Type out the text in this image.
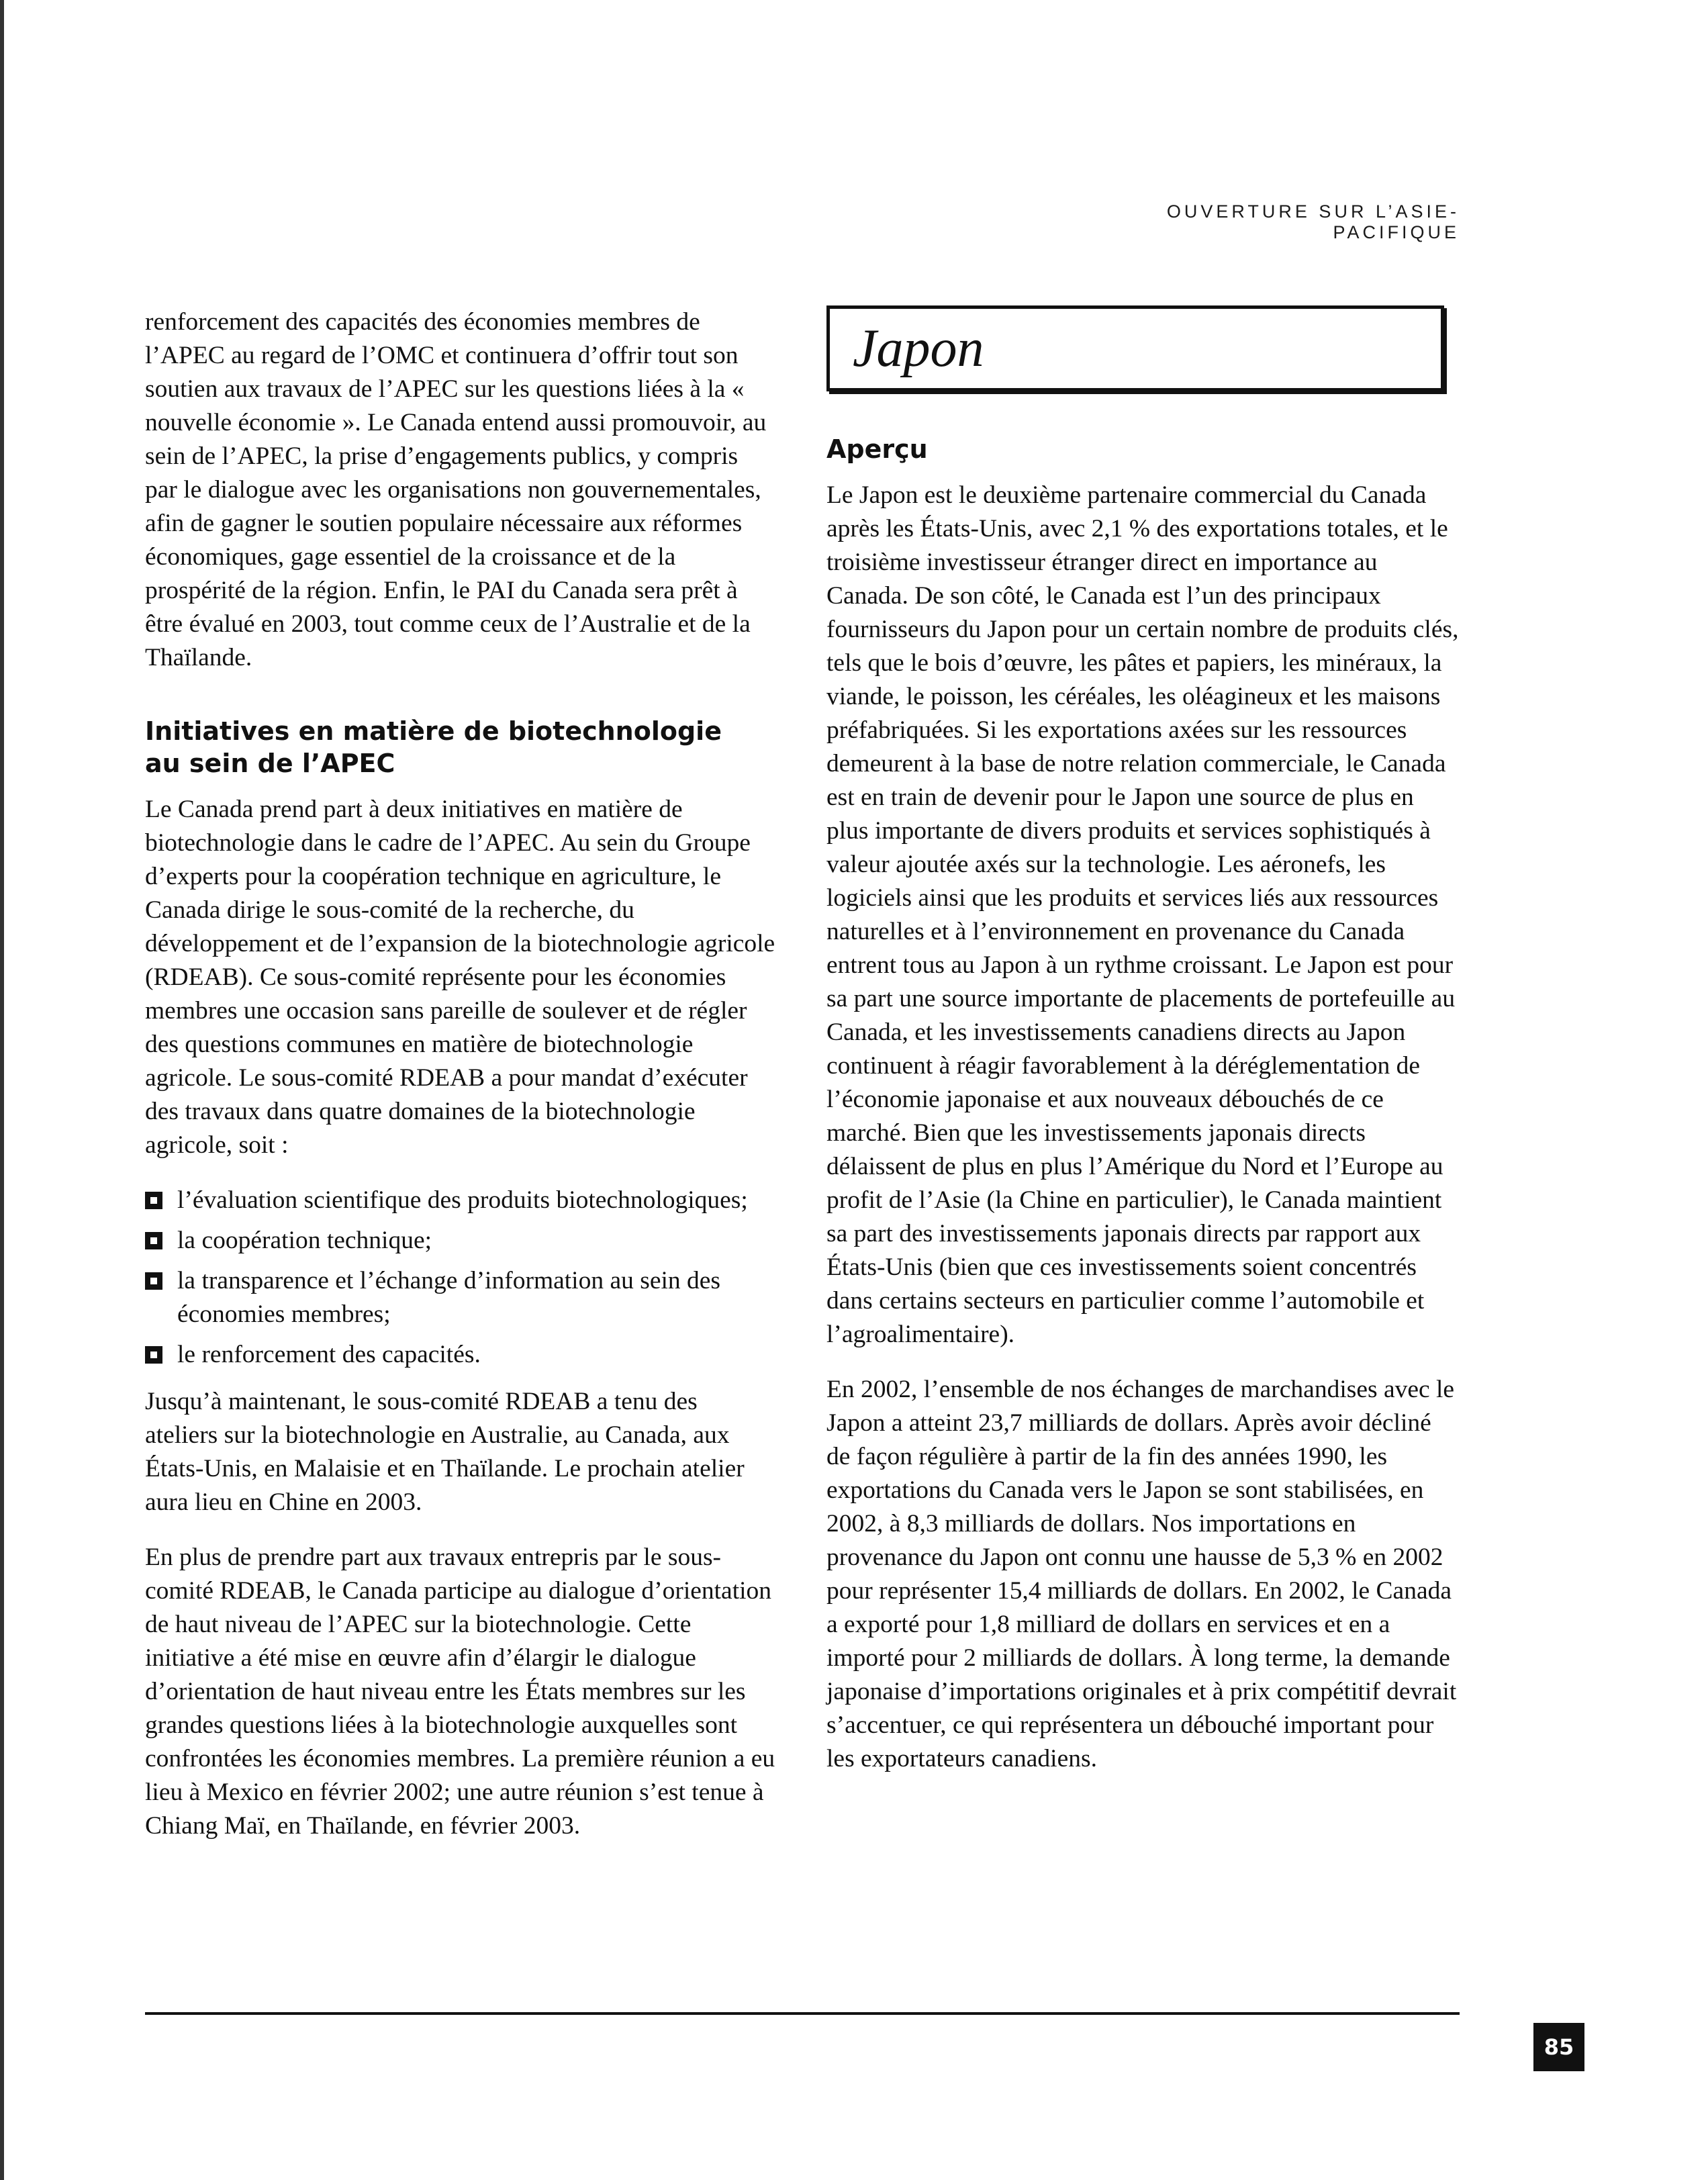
OUVERTURE SUR L’ASIE-PACIFIQUE

renforcement des capacités des économies membres de l’APEC au regard de l’OMC et continuera d’offrir tout son soutien aux travaux de l’APEC sur les questions liées à la « nouvelle économie ». Le Canada entend aussi promouvoir, au sein de l’APEC, la prise d’engagements publics, y compris par le dialogue avec les organisations non gouvernementales, afin de gagner le soutien populaire nécessaire aux réformes économiques, gage essentiel de la croissance et de la prospérité de la région. Enfin, le PAI du Canada sera prêt à être évalué en 2003, tout comme ceux de l’Australie et de la Thaïlande.

Initiatives en matière de biotechnologie
au sein de l’APEC

Le Canada prend part à deux initiatives en matière de biotechnologie dans le cadre de l’APEC. Au sein du Groupe d’experts pour la coopération technique en agriculture, le Canada dirige le sous-comité de la recherche, du développement et de l’expansion de la biotechnologie agricole (RDEAB). Ce sous-comité représente pour les économies membres une occasion sans pareille de soulever et de régler des questions communes en matière de biotechnologie agricole. Le sous-comité RDEAB a pour mandat d’exécuter des travaux dans quatre domaines de la biotechnologie agricole, soit :

l’évaluation scientifique des produits biotechnologiques;
la coopération technique;
la transparence et l’échange d’information au sein des économies membres;
le renforcement des capacités.

Jusqu’à maintenant, le sous-comité RDEAB a tenu des ateliers sur la biotechnologie en Australie, au Canada, aux États-Unis, en Malaisie et en Thaïlande. Le prochain atelier aura lieu en Chine en 2003.

En plus de prendre part aux travaux entrepris par le sous-comité RDEAB, le Canada participe au dialogue d’orientation de haut niveau de l’APEC sur la biotechnologie. Cette initiative a été mise en œuvre afin d’élargir le dialogue d’orientation de haut niveau entre les États membres sur les grandes questions liées à la biotechnologie auxquelles sont confrontées les économies membres. La première réunion a eu lieu à Mexico en février 2002; une autre réunion s’est tenue à Chiang Maï, en Thaïlande, en février 2003.

Japon
Aperçu

Le Japon est le deuxième partenaire commercial du Canada après les États-Unis, avec 2,1 % des exportations totales, et le troisième investisseur étranger direct en importance au Canada. De son côté, le Canada est l’un des principaux fournisseurs du Japon pour un certain nombre de produits clés, tels que le bois d’œuvre, les pâtes et papiers, les minéraux, la viande, le poisson, les céréales, les oléagineux et les maisons préfabriquées. Si les exportations axées sur les ressources demeurent à la base de notre relation commerciale, le Canada est en train de devenir pour le Japon une source de plus en plus importante de divers produits et services sophistiqués à valeur ajoutée axés sur la technologie. Les aéronefs, les logiciels ainsi que les produits et services liés aux ressources naturelles et à l’environnement en provenance du Canada entrent tous au Japon à un rythme croissant. Le Japon est pour sa part une source importante de placements de portefeuille au Canada, et les investissements canadiens directs au Japon continuent à réagir favorablement à la déréglementation de l’économie japonaise et aux nouveaux débouchés de ce marché. Bien que les investissements japonais directs délaissent de plus en plus l’Amérique du Nord et l’Europe au profit de l’Asie (la Chine en particulier), le Canada maintient sa part des investissements japonais directs par rapport aux États-Unis (bien que ces investissements soient concentrés dans certains secteurs en particulier comme l’automobile et l’agroalimentaire).

En 2002, l’ensemble de nos échanges de marchandises avec le Japon a atteint 23,7 milliards de dollars. Après avoir décliné de façon régulière à partir de la fin des années 1990, les exportations du Canada vers le Japon se sont stabilisées, en 2002, à 8,3 milliards de dollars. Nos importations en provenance du Japon ont connu une hausse de 5,3 % en 2002 pour représenter 15,4 milliards de dollars. En 2002, le Canada a exporté pour 1,8 milliard de dollars en services et en a importé pour 2 milliards de dollars. À long terme, la demande japonaise d’importations originales et à prix compétitif devrait s’accentuer, ce qui représentera un débouché important pour les exportateurs canadiens.

85
